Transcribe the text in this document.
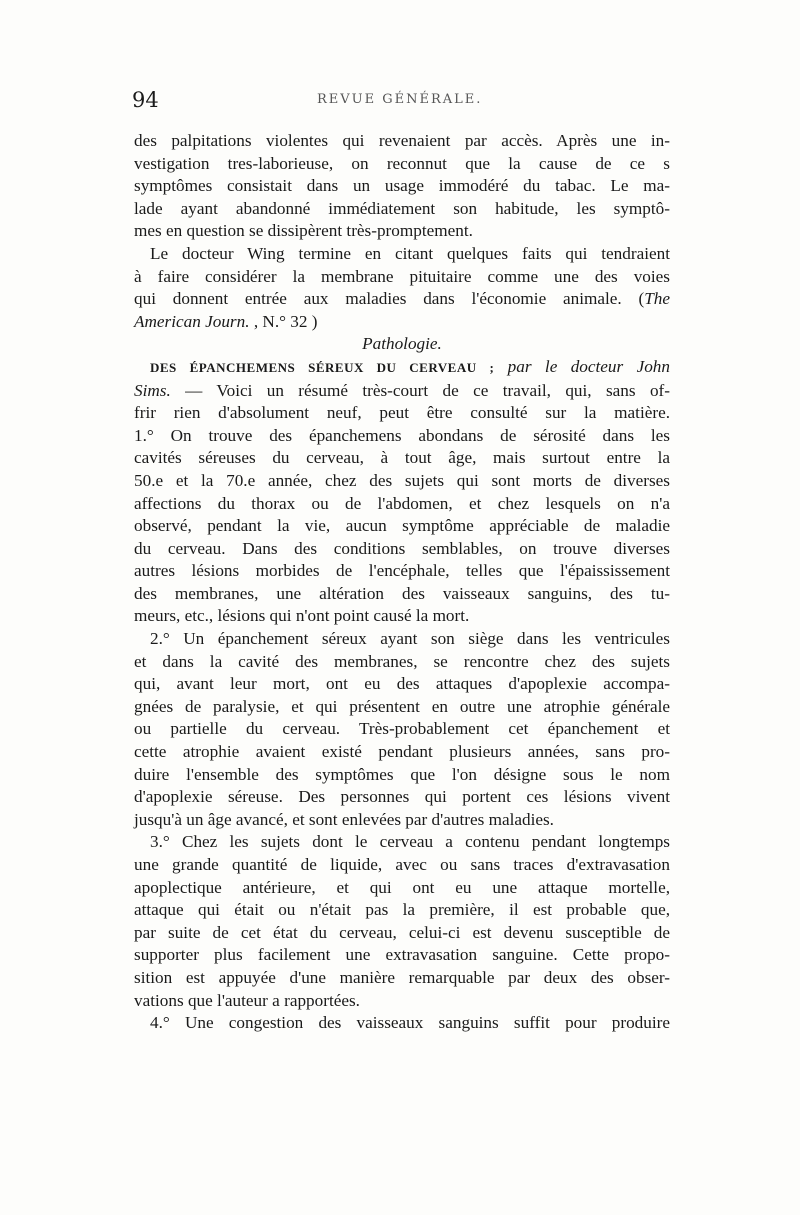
94	REVUE GÉNÉRALE.
des palpitations violentes qui revenaient par accès. Après une in-
vestigation tres-laborieuse, on reconnut que la cause de ce s
symptômes consistait dans un usage immodéré du tabac. Le ma-
lade ayant abandonné immédiatement son habitude, les symptô-
mes en question se dissipèrent très-promptement.
Le docteur Wing termine en citant quelques faits qui tendraient
à faire considérer la membrane pituitaire comme une des voies
qui donnent entrée aux maladies dans l'économie animale. (The
American Journ. , N.° 32 )
Pathologie.
DES ÉPANCHEMENS SÉREUX DU CERVEAU ; par le docteur John
Sims. — Voici un résumé très-court de ce travail, qui, sans of-
frir rien d'absolument neuf, peut être consulté sur la matière.
1.° On trouve des épanchemens abondans de sérosité dans les
cavités séreuses du cerveau, à tout âge, mais surtout entre la
50.e et la 70.e année, chez des sujets qui sont morts de diverses
affections du thorax ou de l'abdomen, et chez lesquels on n'a
observé, pendant la vie, aucun symptôme appréciable de maladie
du cerveau. Dans des conditions semblables, on trouve diverses
autres lésions morbides de l'encéphale, telles que l'épaississement
des membranes, une altération des vaisseaux sanguins, des tu-
meurs, etc., lésions qui n'ont point causé la mort.
2.° Un épanchement séreux ayant son siège dans les ventricules
et dans la cavité des membranes, se rencontre chez des sujets
qui, avant leur mort, ont eu des attaques d'apoplexie accompa-
gnées de paralysie, et qui présentent en outre une atrophie générale
ou partielle du cerveau. Très-probablement cet épanchement et
cette atrophie avaient existé pendant plusieurs années, sans pro-
duire l'ensemble des symptômes que l'on désigne sous le nom
d'apoplexie séreuse. Des personnes qui portent ces lésions vivent
jusqu'à un âge avancé, et sont enlevées par d'autres maladies.
3.° Chez les sujets dont le cerveau a contenu pendant longtemps
une grande quantité de liquide, avec ou sans traces d'extravasation
apoplectique antérieure, et qui ont eu une attaque mortelle,
attaque qui était ou n'était pas la première, il est probable que,
par suite de cet état du cerveau, celui-ci est devenu susceptible de
supporter plus facilement une extravasation sanguine. Cette propo-
sition est appuyée d'une manière remarquable par deux des obser-
vations que l'auteur a rapportées.
4.° Une congestion des vaisseaux sanguins suffit pour produire
